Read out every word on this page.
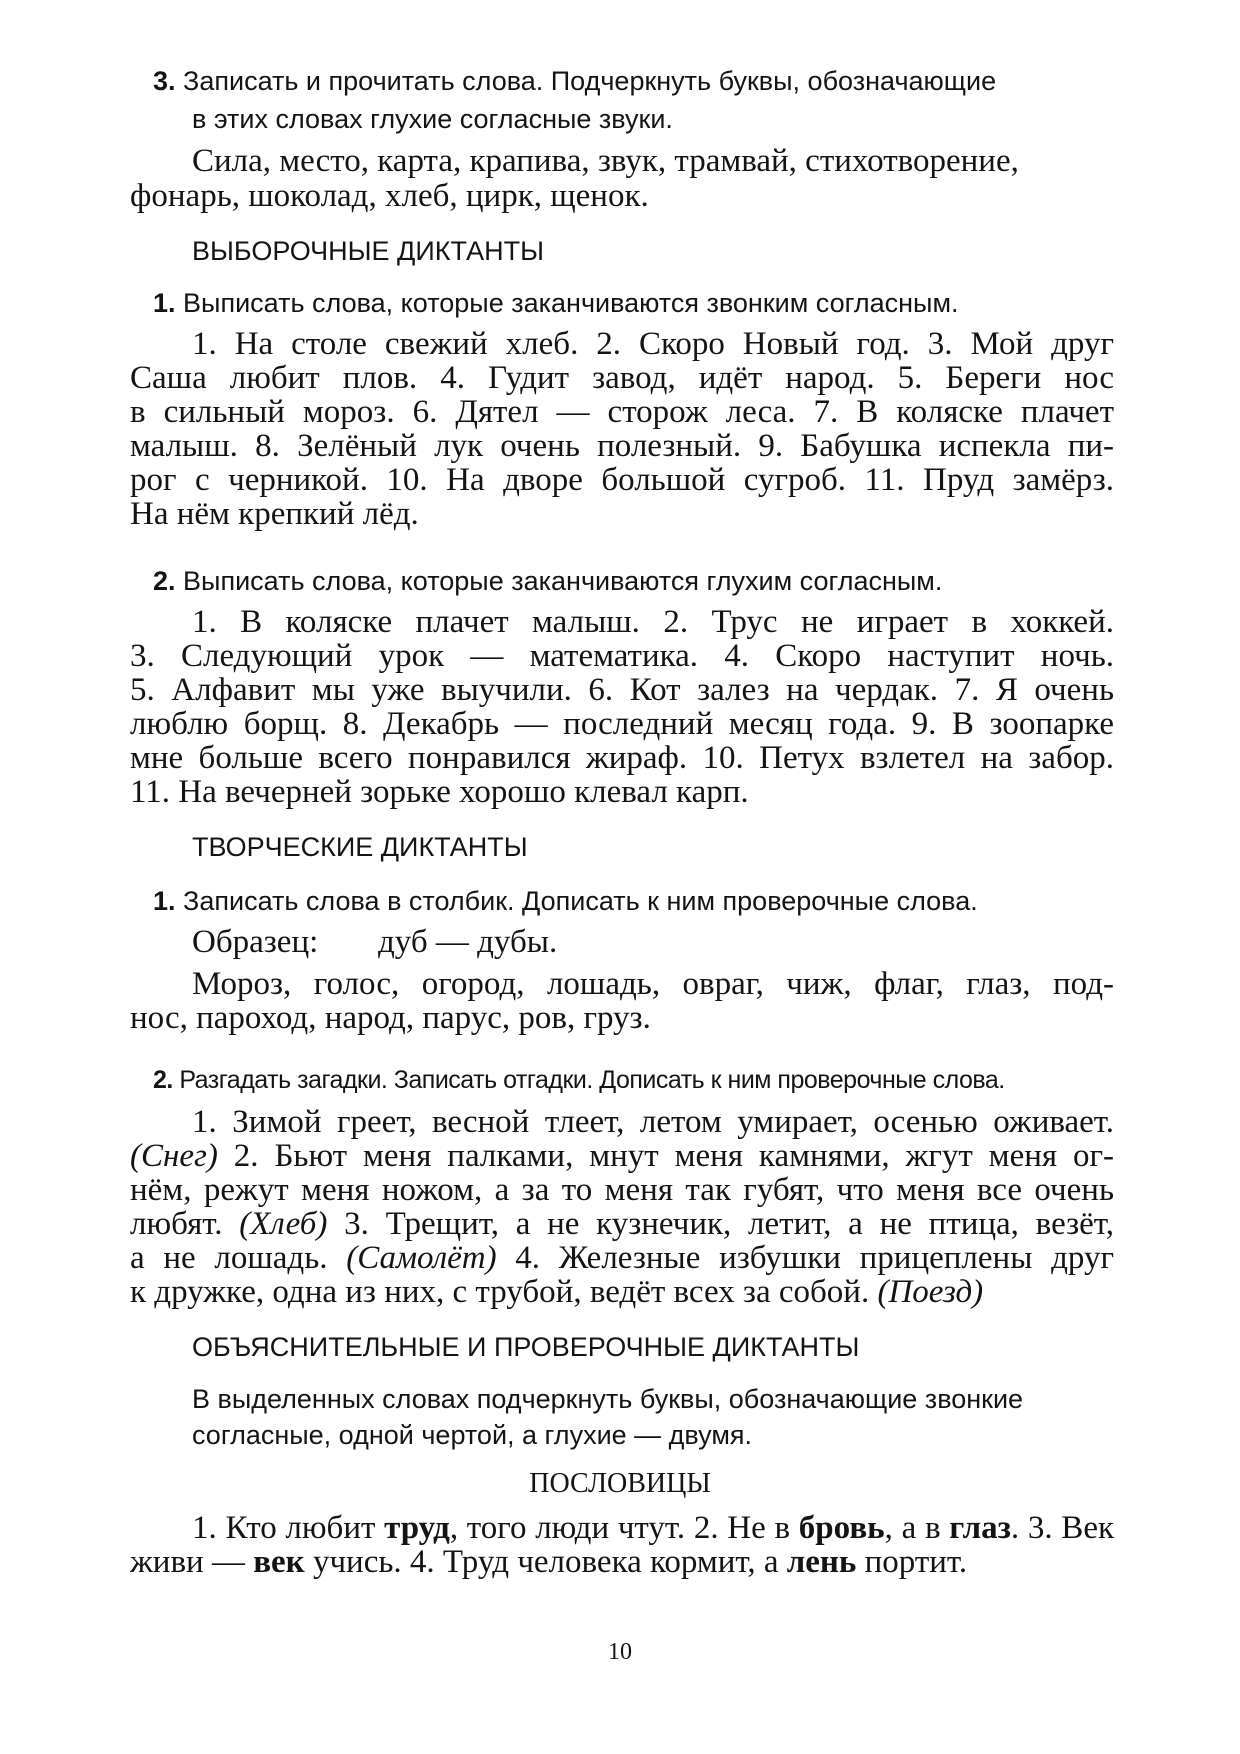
3. Записать и прочитать слова. Подчеркнуть буквы, обозначающие
в этих словах глухие согласные звуки.
Сила, место, карта, крапива, звук, трамвай, стихотворение,
фонарь, шоколад, хлеб, цирк, щенок.
ВЫБОРОЧНЫЕ ДИКТАНТЫ
1. Выписать слова, которые заканчиваются звонким согласным.
1. На столе свежий хлеб. 2. Скоро Новый год. 3. Мой друг
Саша любит плов. 4. Гудит завод, идёт народ. 5. Береги нос
в сильный мороз. 6. Дятел — сторож леса. 7. В коляске плачет
малыш. 8. Зелёный лук очень полезный. 9. Бабушка испекла пи-
рог с черникой. 10. На дворе большой сугроб. 11. Пруд замёрз.
На нём крепкий лёд.
2. Выписать слова, которые заканчиваются глухим согласным.
1. В коляске плачет малыш. 2. Трус не играет в хоккей.
3. Следующий урок — математика. 4. Скоро наступит ночь.
5. Алфавит мы уже выучили. 6. Кот залез на чердак. 7. Я очень
люблю борщ. 8. Декабрь — последний месяц года. 9. В зоопарке
мне больше всего понравился жираф. 10. Петух взлетел на забор.
11. На вечерней зорьке хорошо клевал карп.
ТВОРЧЕСКИЕ ДИКТАНТЫ
1. Записать слова в столбик. Дописать к ним проверочные слова.
Образец: дуб — дубы.
Мороз, голос, огород, лошадь, овраг, чиж, флаг, глаз, под-
нос, пароход, народ, парус, ров, груз.
2. Разгадать загадки. Записать отгадки. Дописать к ним проверочные слова.
1. Зимой греет, весной тлеет, летом умирает, осенью оживает.
(Снег) 2. Бьют меня палками, мнут меня камнями, жгут меня ог-
нём, режут меня ножом, а за то меня так губят, что меня все очень
любят. (Хлеб) 3. Трещит, а не кузнечик, летит, а не птица, везёт,
а не лошадь. (Самолёт) 4. Железные избушки прицеплены друг
к дружке, одна из них, с трубой, ведёт всех за собой. (Поезд)
ОБЪЯСНИТЕЛЬНЫЕ И ПРОВЕРОЧНЫЕ ДИКТАНТЫ
В выделенных словах подчеркнуть буквы, обозначающие звонкие
согласные, одной чертой, а глухие — двумя.
ПОСЛОВИЦЫ
1. Кто любит труд, того люди чтут. 2. Не в бровь, а в глаз. 3. Век
живи — век учись. 4. Труд человека кормит, а лень портит.
10
